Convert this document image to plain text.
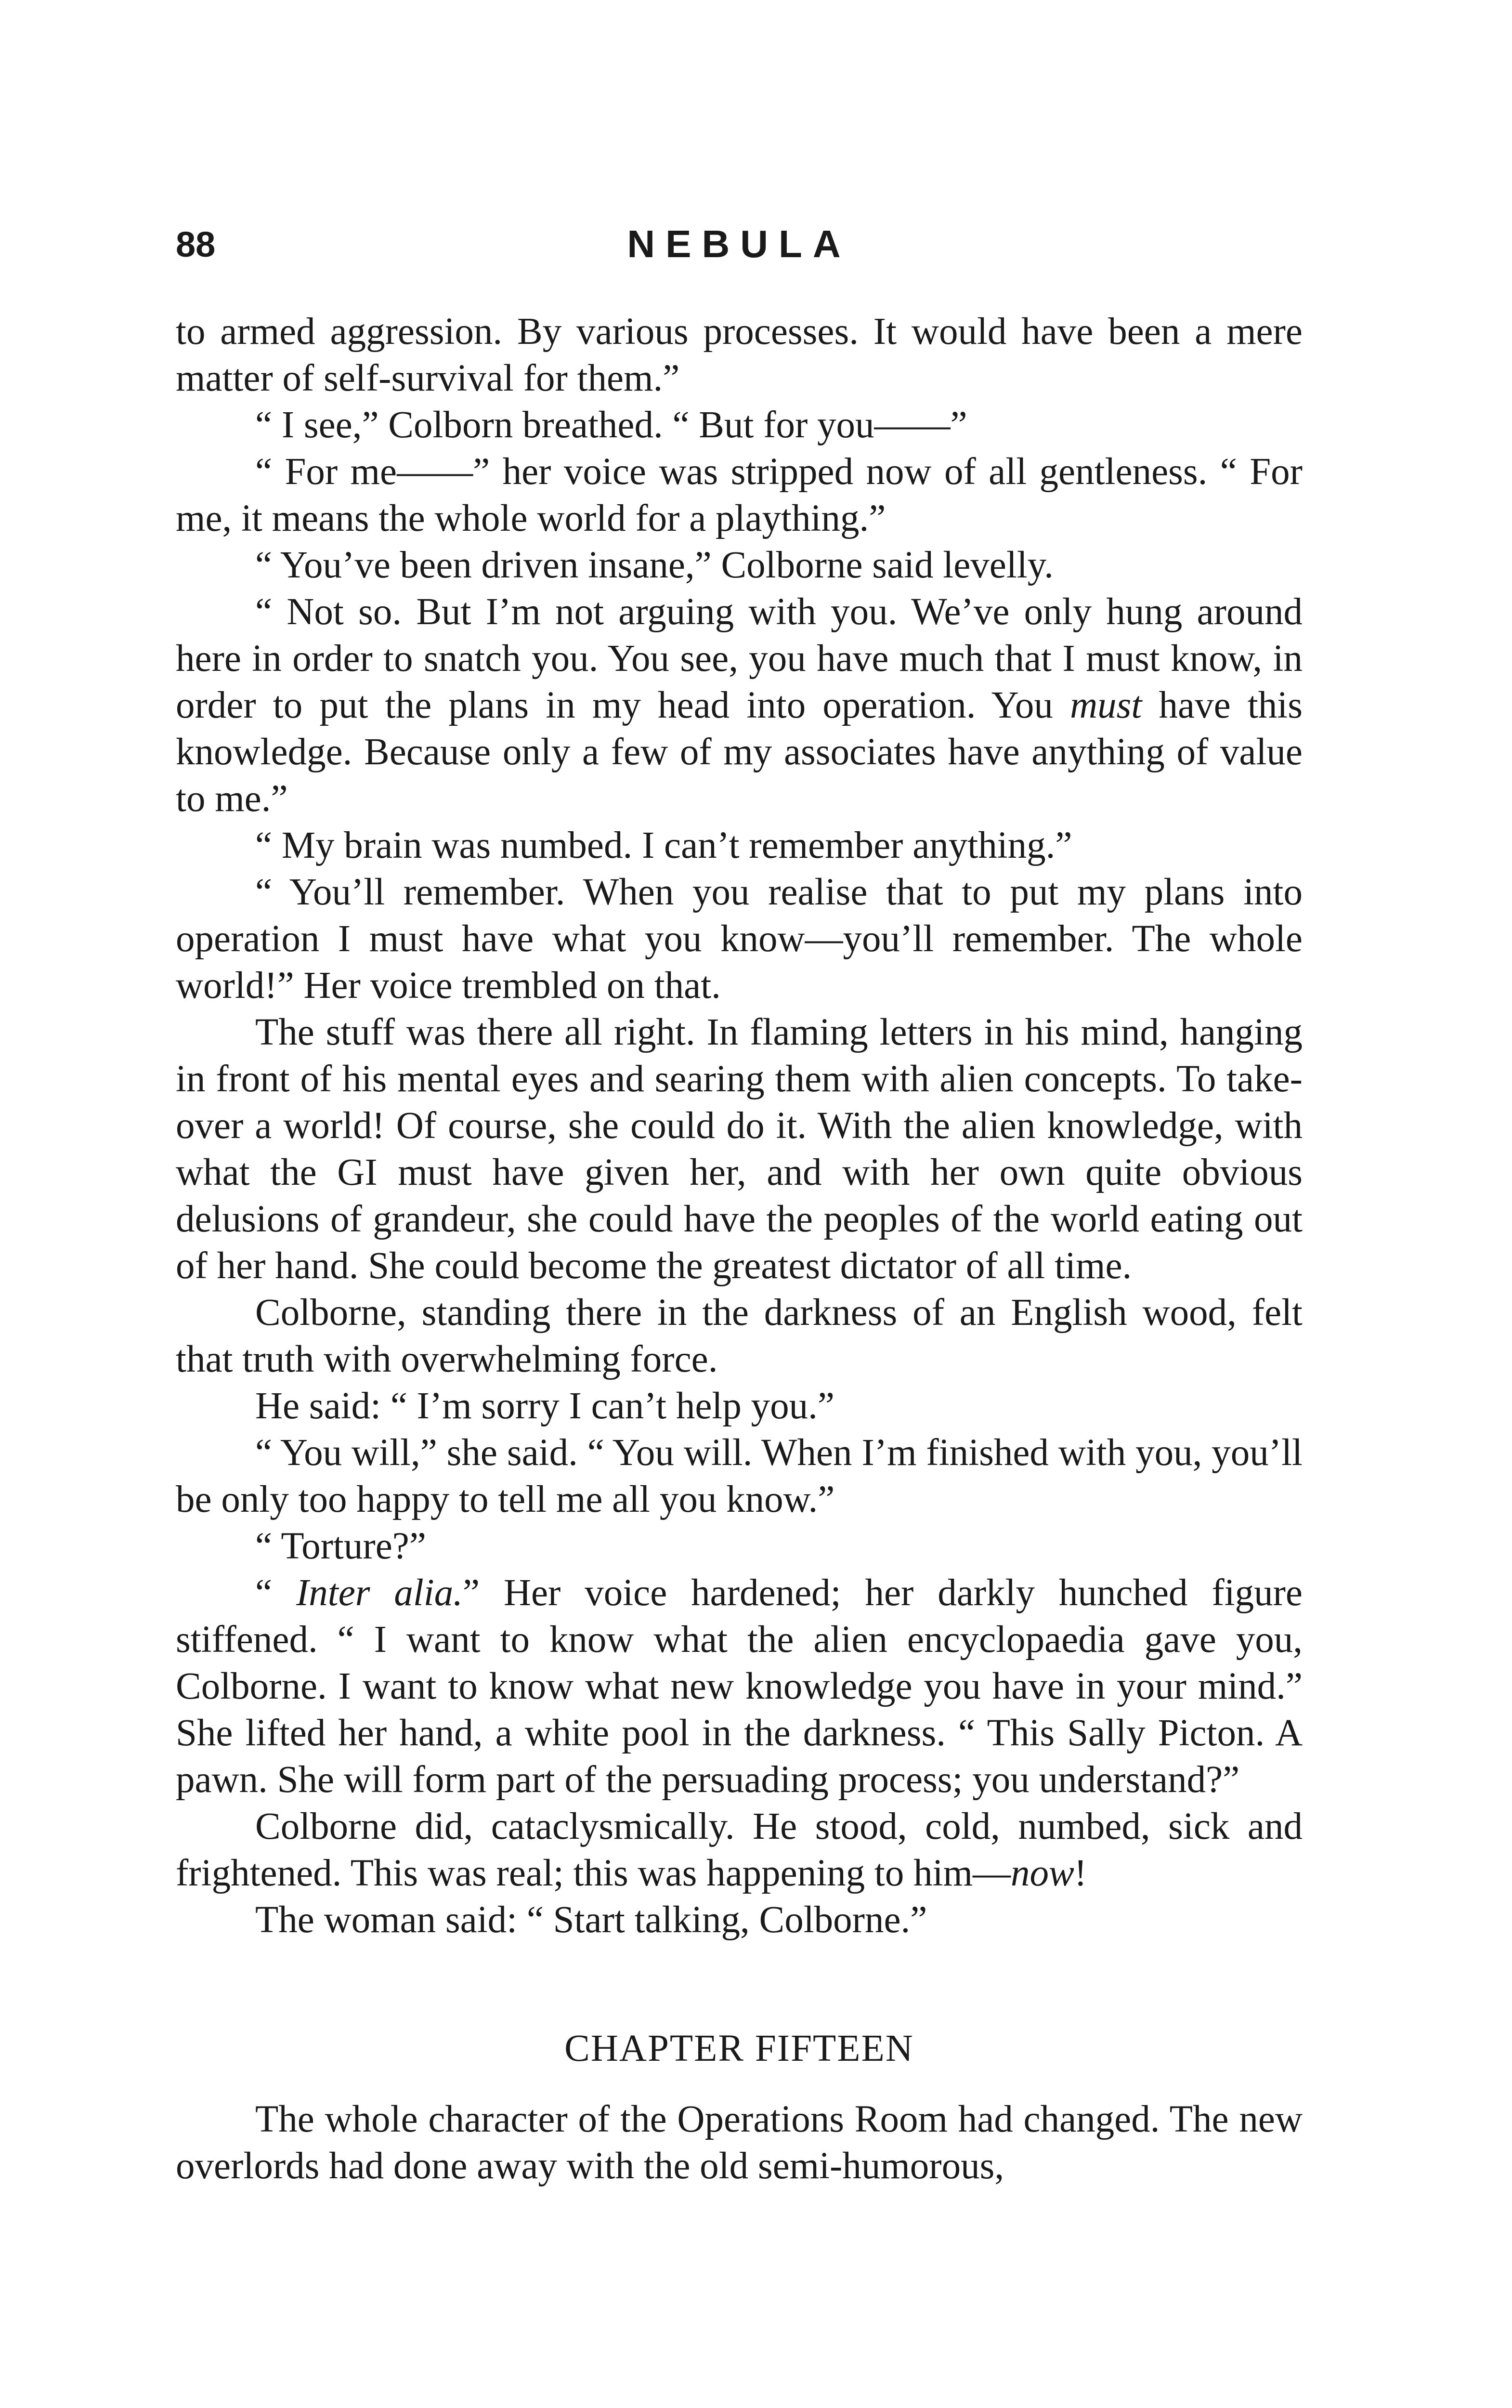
88	NEBULA

to armed aggression. By various processes. It would have been a mere matter of self-survival for them.”

“ I see,” Colborn breathed. “ But for you——”

“ For me——” her voice was stripped now of all gentleness. “ For me, it means the whole world for a plaything.”

“ You’ve been driven insane,” Colborne said levelly.

“ Not so. But I’m not arguing with you. We’ve only hung around here in order to snatch you. You see, you have much that I must know, in order to put the plans in my head into operation. You must have this knowledge. Because only a few of my associates have anything of value to me.”

“ My brain was numbed. I can’t remember anything.”

“ You’ll remember. When you realise that to put my plans into operation I must have what you know—you’ll remember. The whole world!” Her voice trembled on that.

The stuff was there all right. In flaming letters in his mind, hanging in front of his mental eyes and searing them with alien concepts. To take-over a world! Of course, she could do it. With the alien knowledge, with what the GI must have given her, and with her own quite obvious delusions of grandeur, she could have the peoples of the world eating out of her hand. She could become the greatest dictator of all time.

Colborne, standing there in the darkness of an English wood, felt that truth with overwhelming force.

He said: “ I’m sorry I can’t help you.”

“ You will,” she said. “ You will. When I’m finished with you, you’ll be only too happy to tell me all you know.”

“ Torture?”

“ Inter alia.” Her voice hardened; her darkly hunched figure stiffened. “ I want to know what the alien encyclopaedia gave you, Colborne. I want to know what new knowledge you have in your mind.” She lifted her hand, a white pool in the darkness. “ This Sally Picton. A pawn. She will form part of the persuading process; you understand?”

Colborne did, cataclysmically. He stood, cold, numbed, sick and frightened. This was real; this was happening to him—now!

The woman said: “ Start talking, Colborne.”

CHAPTER FIFTEEN

The whole character of the Operations Room had changed. The new overlords had done away with the old semi-humorous,
